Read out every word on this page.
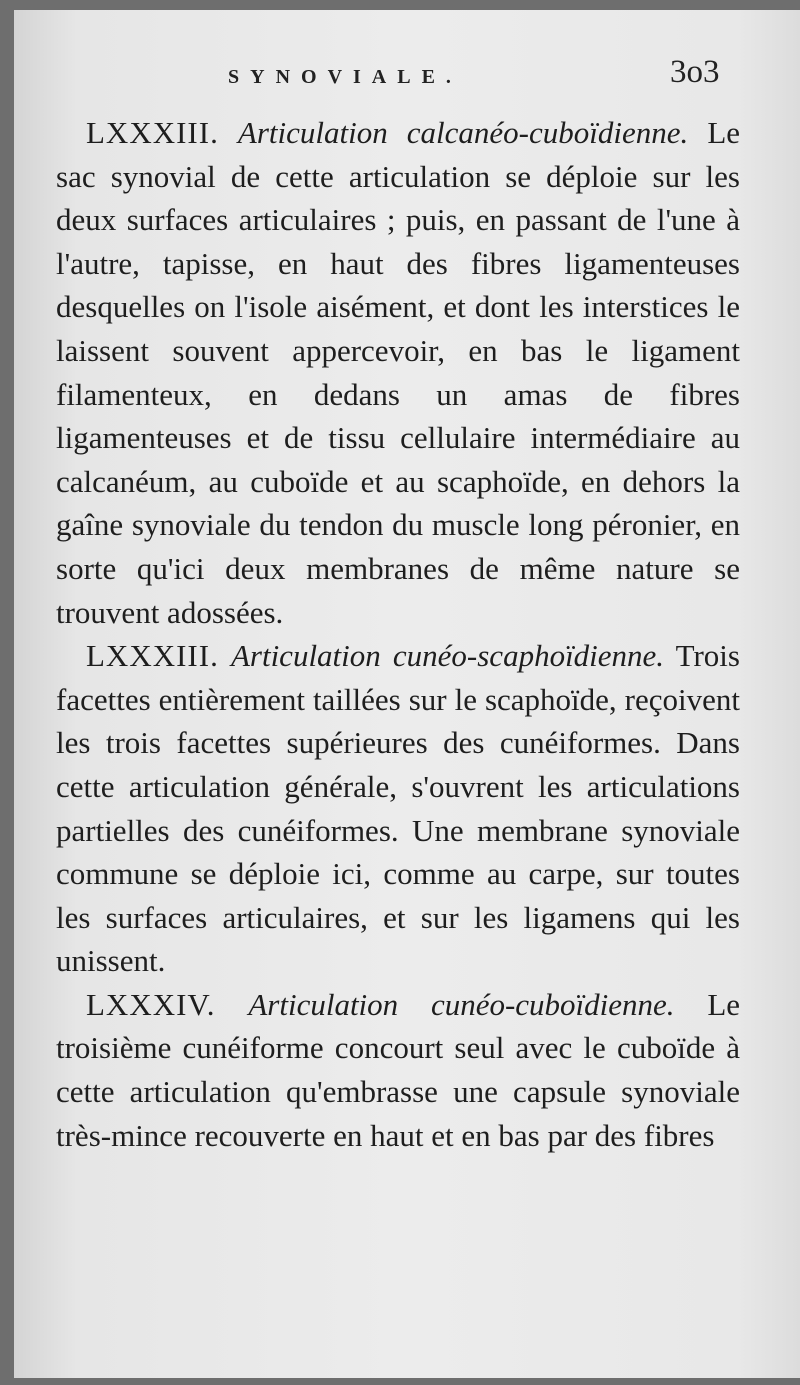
SYNOVIALE.	3o3

LXXXIII. Articulation calcanéo-cuboïdienne. Le sac synovial de cette articulation se déploie sur les deux surfaces articulaires ; puis, en passant de l'une à l'autre, tapisse, en haut des fibres ligamenteuses desquelles on l'isole aisément, et dont les interstices le laissent souvent appercevoir, en bas le ligament filamenteux, en dedans un amas de fibres ligamenteuses et de tissu cellulaire intermédiaire au calcanéum, au cuboïde et au scaphoïde, en dehors la gaîne synoviale du tendon du muscle long péronier, en sorte qu'ici deux membranes de même nature se trouvent adossées.

LXXXIII. Articulation cunéo-scaphoïdienne. Trois facettes entièrement taillées sur le scaphoïde, reçoivent les trois facettes supérieures des cunéiformes. Dans cette articulation générale, s'ouvrent les articulations partielles des cunéiformes. Une membrane synoviale commune se déploie ici, comme au carpe, sur toutes les surfaces articulaires, et sur les ligamens qui les unissent.

LXXXIV. Articulation cunéo-cuboïdienne. Le troisième cunéiforme concourt seul avec le cuboïde à cette articulation qu'embrasse une capsule synoviale très-mince recouverte en haut et en bas par des fibres
